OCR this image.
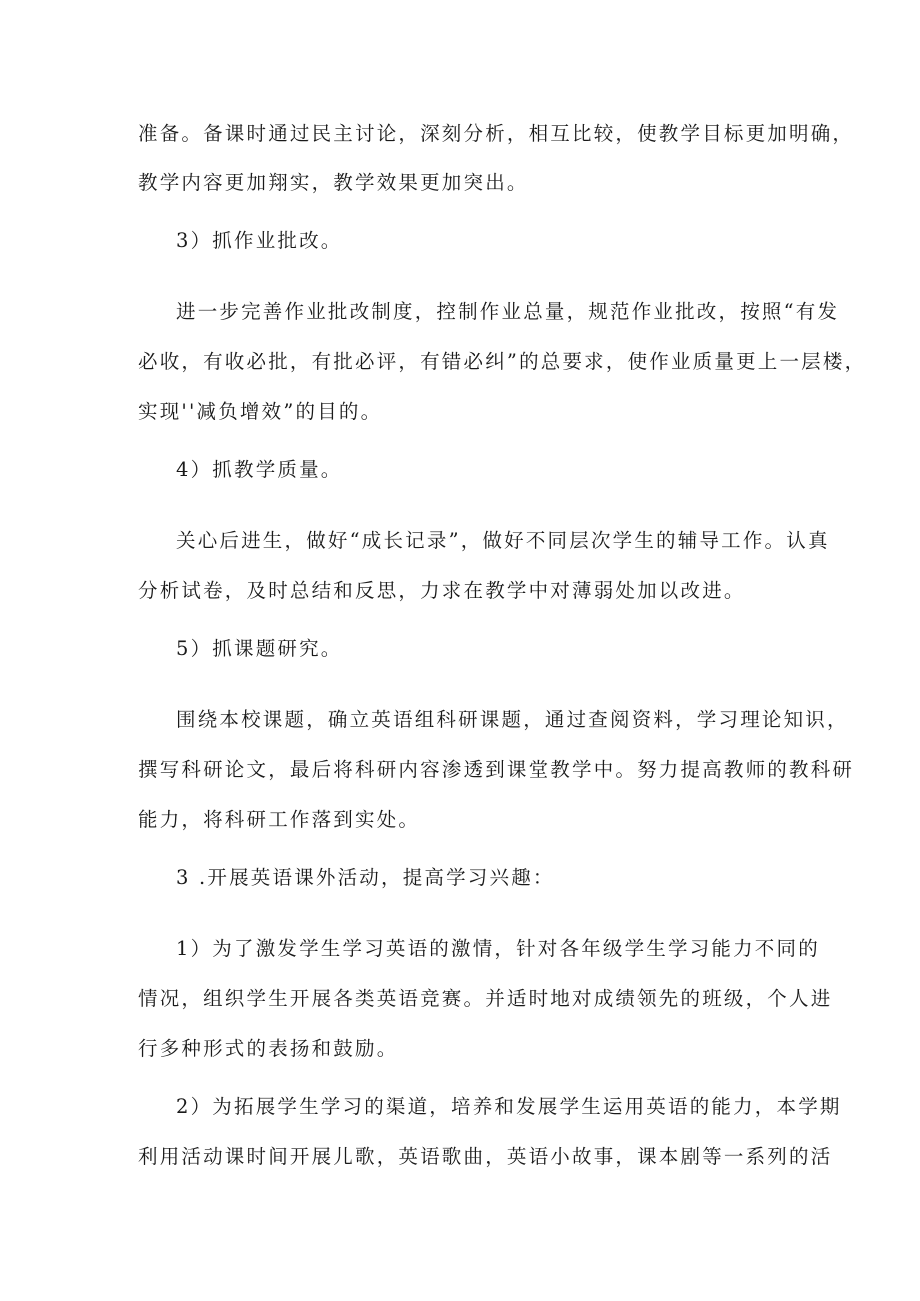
准备。备课时通过民主讨论，深刻分析，相互比较，使教学目标更加明确，
教学内容更加翔实，教学效果更加突出。
3）抓作业批改。
进一步完善作业批改制度，控制作业总量，规范作业批改，按照“有发
必收，有收必批，有批必评，有错必纠”的总要求，使作业质量更上一层楼，
实现''减负增效”的目的。
4）抓教学质量。
关心后进生，做好“成长记录”，做好不同层次学生的辅导工作。认真
分析试卷，及时总结和反思，力求在教学中对薄弱处加以改进。
5）抓课题研究。
围绕本校课题，确立英语组科研课题，通过查阅资料，学习理论知识，
撰写科研论文，最后将科研内容渗透到课堂教学中。努力提高教师的教科研
能力，将科研工作落到实处。
3 .开展英语课外活动，提高学习兴趣：
1）为了激发学生学习英语的激情，针对各年级学生学习能力不同的
情况，组织学生开展各类英语竞赛。并适时地对成绩领先的班级，个人进
行多种形式的表扬和鼓励。
2）为拓展学生学习的渠道，培养和发展学生运用英语的能力，本学期
利用活动课时间开展儿歌，英语歌曲，英语小故事，课本剧等一系列的活
